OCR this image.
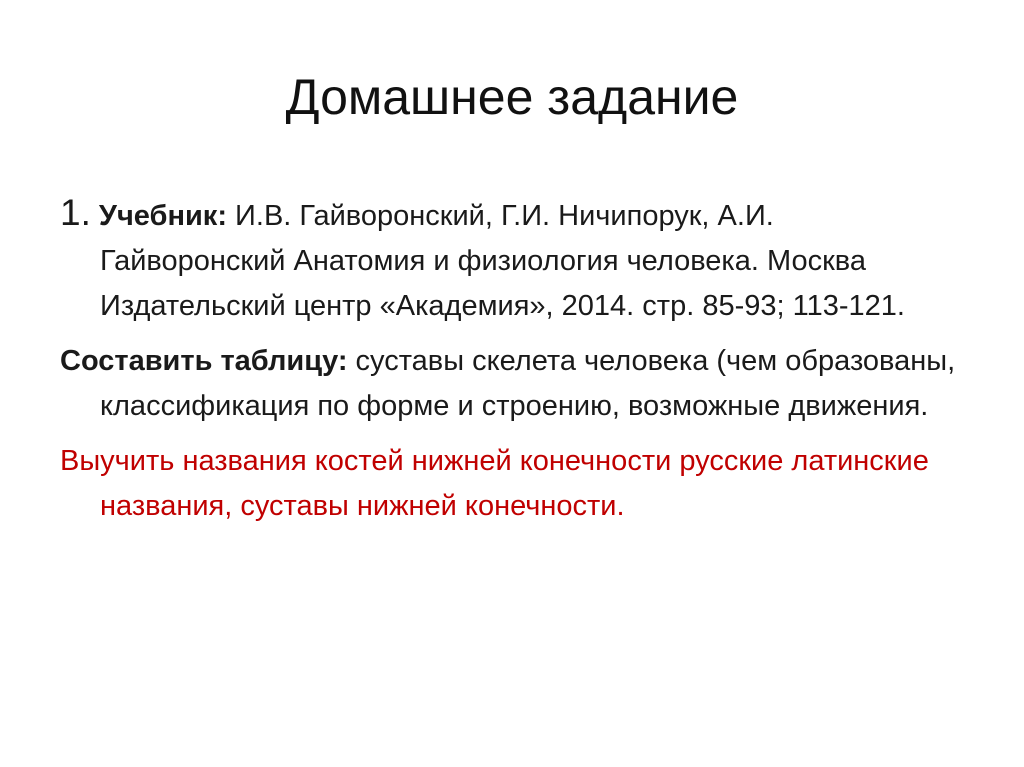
Домашнее задание

1. Учебник: И.В. Гайворонский, Г.И. Ничипорук, А.И. Гайворонский Анатомия и физиология человека. Москва Издательский центр «Академия», 2014. стр. 85-93; 113-121.

Составить таблицу: суставы скелета человека (чем образованы, классификация по форме и строению, возможные движения.

Выучить названия костей нижней конечности русские латинские названия, суставы нижней конечности.
